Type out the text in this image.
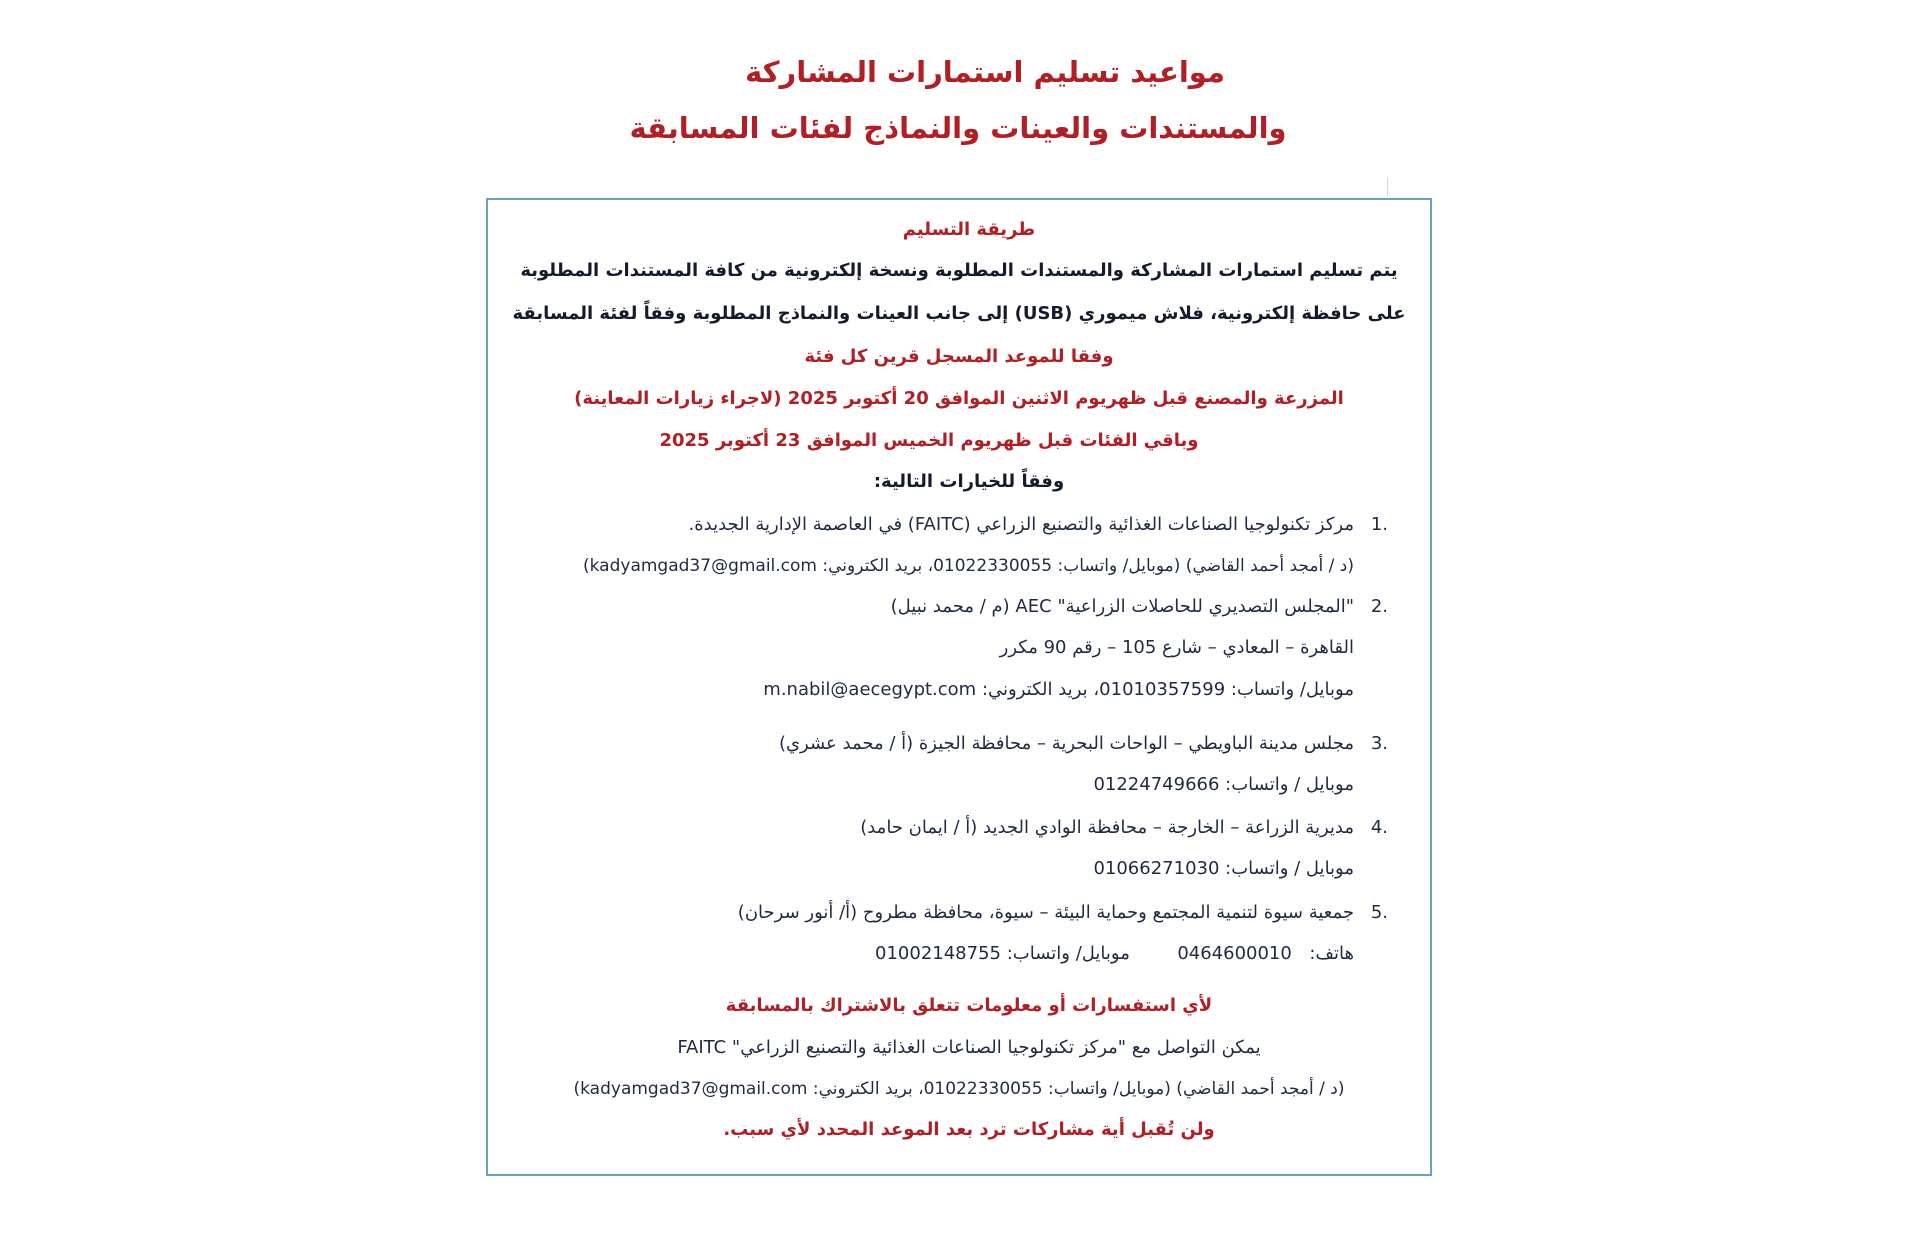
مواعيد تسليم استمارات المشاركة
والمستندات والعينات والنماذج لفئات المسابقة
طريقة التسليم
يتم تسليم استمارات المشاركة والمستندات المطلوبة ونسخة إلكترونية من كافة المستندات المطلوبة
على حافظة إلكترونية، فلاش ميموري (USB) إلى جانب العينات والنماذج المطلوبة وفقاً لفئة المسابقة
وفقا للموعد المسجل قرين كل فئة
المزرعة والمصنع قبل ظهريوم الاثنين الموافق 20 أكتوبر 2025 (لاجراء زيارات المعاينة)
وباقي الفئات قبل ظهريوم الخميس الموافق 23 أكتوبر 2025
وفقاً للخيارات التالية:
1.
مركز تكنولوجيا الصناعات الغذائية والتصنيع الزراعي (FAITC) في العاصمة الإدارية الجديدة.
(د / أمجد أحمد القاضي) (موبايل/ واتساب: 01022330055، بريد الكتروني: kadyamgad37@gmail.com)
2.
"المجلس التصديري للحاصلات الزراعية" AEC (م / محمد نبيل)
القاهرة – المعادي – شارع 105 – رقم 90 مكرر
موبايل/ واتساب: 01010357599، بريد الكتروني: m.nabil@aecegypt.com
3.
مجلس مدينة الباويطي – الواحات البحرية – محافظة الجيزة (أ / محمد عشري)
موبايل / واتساب: 01224749666
4.
مديرية الزراعة – الخارجة – محافظة الوادي الجديد (أ / ايمان حامد)
موبايل / واتساب: 01066271030
5.
جمعية سيوة لتنمية المجتمع وحماية البيئة – سيوة، محافظة مطروح (أ/ أنور سرحان)
هاتف:  0464600010  موبايل/ واتساب: 01002148755
لأي استفسارات أو معلومات تتعلق بالاشتراك بالمسابقة
يمكن التواصل مع "مركز تكنولوجيا الصناعات الغذائية والتصنيع الزراعي" FAITC
(د / أمجد أحمد القاضي) (موبايل/ واتساب: 01022330055، بريد الكتروني: kadyamgad37@gmail.com)
ولن تُقبل أية مشاركات ترد بعد الموعد المحدد لأي سبب.
